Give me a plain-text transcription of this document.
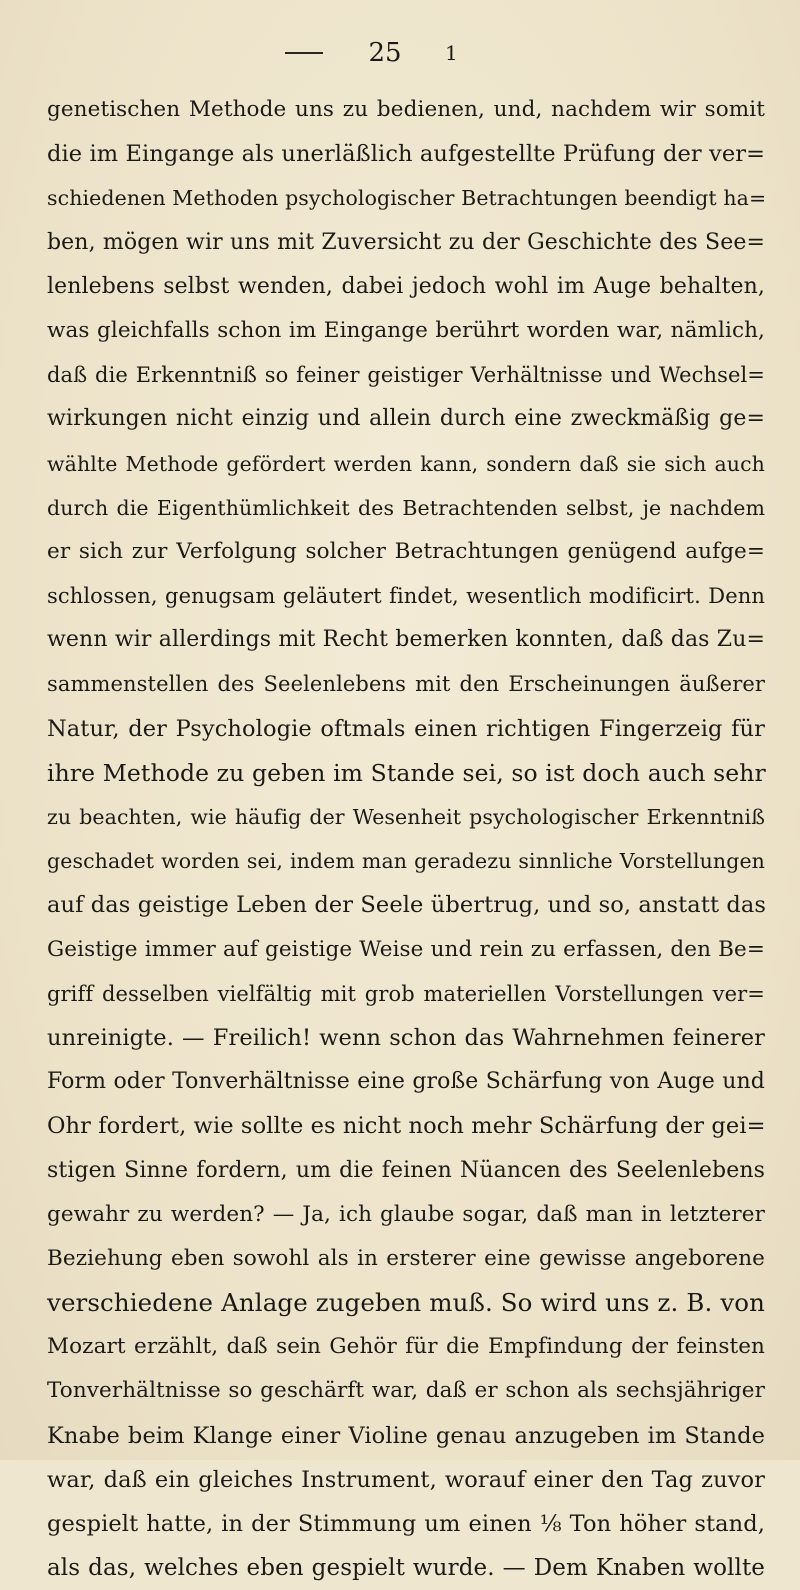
25	1
genetischen Methode uns zu bedienen, und, nachdem wir somit
die im Eingange als unerläßlich aufgestellte Prüfung der ver=
schiedenen Methoden psychologischer Betrachtungen beendigt ha=
ben, mögen wir uns mit Zuversicht zu der Geschichte des See=
lenlebens selbst wenden, dabei jedoch wohl im Auge behalten,
was gleichfalls schon im Eingange berührt worden war, nämlich,
daß die Erkenntniß so feiner geistiger Verhältnisse und Wechsel=
wirkungen nicht einzig und allein durch eine zweckmäßig ge=
wählte Methode gefördert werden kann, sondern daß sie sich auch
durch die Eigenthümlichkeit des Betrachtenden selbst, je nachdem
er sich zur Verfolgung solcher Betrachtungen genügend aufge=
schlossen, genugsam geläutert findet, wesentlich modificirt. Denn
wenn wir allerdings mit Recht bemerken konnten, daß das Zu=
sammenstellen des Seelenlebens mit den Erscheinungen äußerer
Natur, der Psychologie oftmals einen richtigen Fingerzeig für
ihre Methode zu geben im Stande sei, so ist doch auch sehr
zu beachten, wie häufig der Wesenheit psychologischer Erkenntniß
geschadet worden sei, indem man geradezu sinnliche Vorstellungen
auf das geistige Leben der Seele übertrug, und so, anstatt das
Geistige immer auf geistige Weise und rein zu erfassen, den Be=
griff desselben vielfältig mit grob materiellen Vorstellungen ver=
unreinigte. — Freilich! wenn schon das Wahrnehmen feinerer
Form oder Tonverhältnisse eine große Schärfung von Auge und
Ohr fordert, wie sollte es nicht noch mehr Schärfung der gei=
stigen Sinne fordern, um die feinen Nüancen des Seelenlebens
gewahr zu werden? — Ja, ich glaube sogar, daß man in letzterer
Beziehung eben sowohl als in ersterer eine gewisse angeborene
verschiedene Anlage zugeben muß. So wird uns z. B. von
Mozart erzählt, daß sein Gehör für die Empfindung der feinsten
Tonverhältnisse so geschärft war, daß er schon als sechsjähriger
Knabe beim Klange einer Violine genau anzugeben im Stande
war, daß ein gleiches Instrument, worauf einer den Tag zuvor
gespielt hatte, in der Stimmung um einen ⅛ Ton höher stand,
als das, welches eben gespielt wurde. — Dem Knaben wollte
